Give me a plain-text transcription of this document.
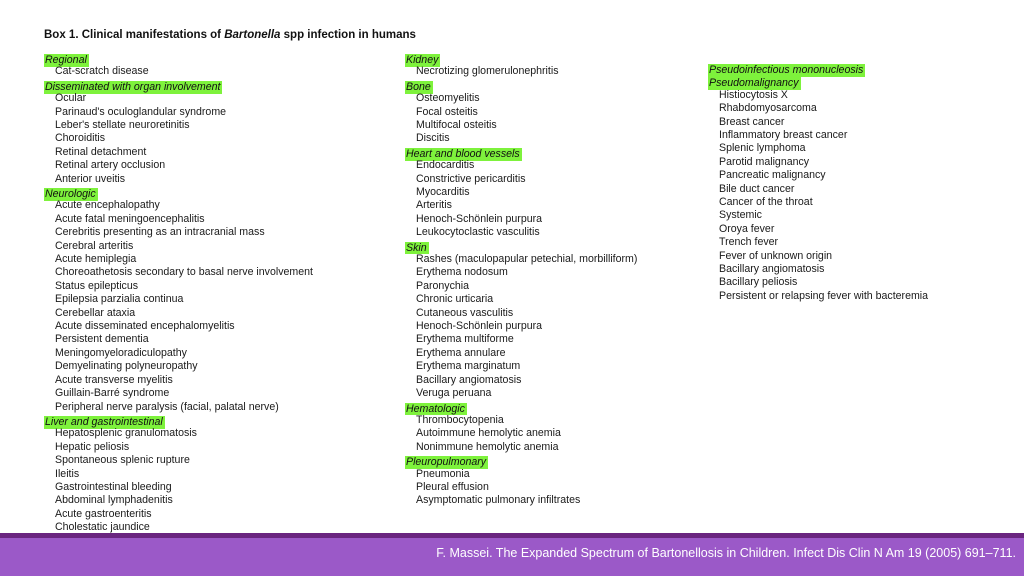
Box 1. Clinical manifestations of Bartonella spp infection in humans
Regional
Cat-scratch disease
Disseminated with organ involvement
Ocular
Parinaud's oculoglandular syndrome
Leber's stellate neuroretinitis
Choroiditis
Retinal detachment
Retinal artery occlusion
Anterior uveitis
Neurologic
Acute encephalopathy
Acute fatal meningoencephalitis
Cerebritis presenting as an intracranial mass
Cerebral arteritis
Acute hemiplegia
Choreoathetosis secondary to basal nerve involvement
Status epilepticus
Epilepsia parzialia continua
Cerebellar ataxia
Acute disseminated encephalomyelitis
Persistent dementia
Meningomyeloradiculopathy
Demyelinating polyneuropathy
Acute transverse myelitis
Guillain-Barré syndrome
Peripheral nerve paralysis (facial, palatal nerve)
Liver and gastrointestinal
Hepatosplenic granulomatosis
Hepatic peliosis
Spontaneous splenic rupture
Ileitis
Gastrointestinal bleeding
Abdominal lymphadenitis
Acute gastroenteritis
Cholestatic jaundice
Kidney
Necrotizing glomerulonephritis
Bone
Osteomyelitis
Focal osteitis
Multifocal osteitis
Discitis
Heart and blood vessels
Endocarditis
Constrictive pericarditis
Myocarditis
Arteritis
Henoch-Schönlein purpura
Leukocytoclastic vasculitis
Skin
Rashes (maculopapular petechial, morbilliform)
Erythema nodosum
Paronychia
Chronic urticaria
Cutaneous vasculitis
Henoch-Schönlein purpura
Erythema multiforme
Erythema annulare
Erythema marginatum
Bacillary angiomatosis
Veruga peruana
Hematologic
Thrombocytopenia
Autoimmune hemolytic anemia
Nonimmune hemolytic anemia
Pleuropulmonary
Pneumonia
Pleural effusion
Asymptomatic pulmonary infiltrates
Pseudoinfectious mononucleosis
Pseudomalignancy
Histiocytosis X
Rhabdomyosarcoma
Breast cancer
Inflammatory breast cancer
Splenic lymphoma
Parotid malignancy
Pancreatic malignancy
Bile duct cancer
Cancer of the throat
Systemic
Oroya fever
Trench fever
Fever of unknown origin
Bacillary angiomatosis
Bacillary peliosis
Persistent or relapsing fever with bacteremia
F. Massei. The Expanded Spectrum of Bartonellosis in Children. Infect Dis Clin N Am 19 (2005) 691–711.
